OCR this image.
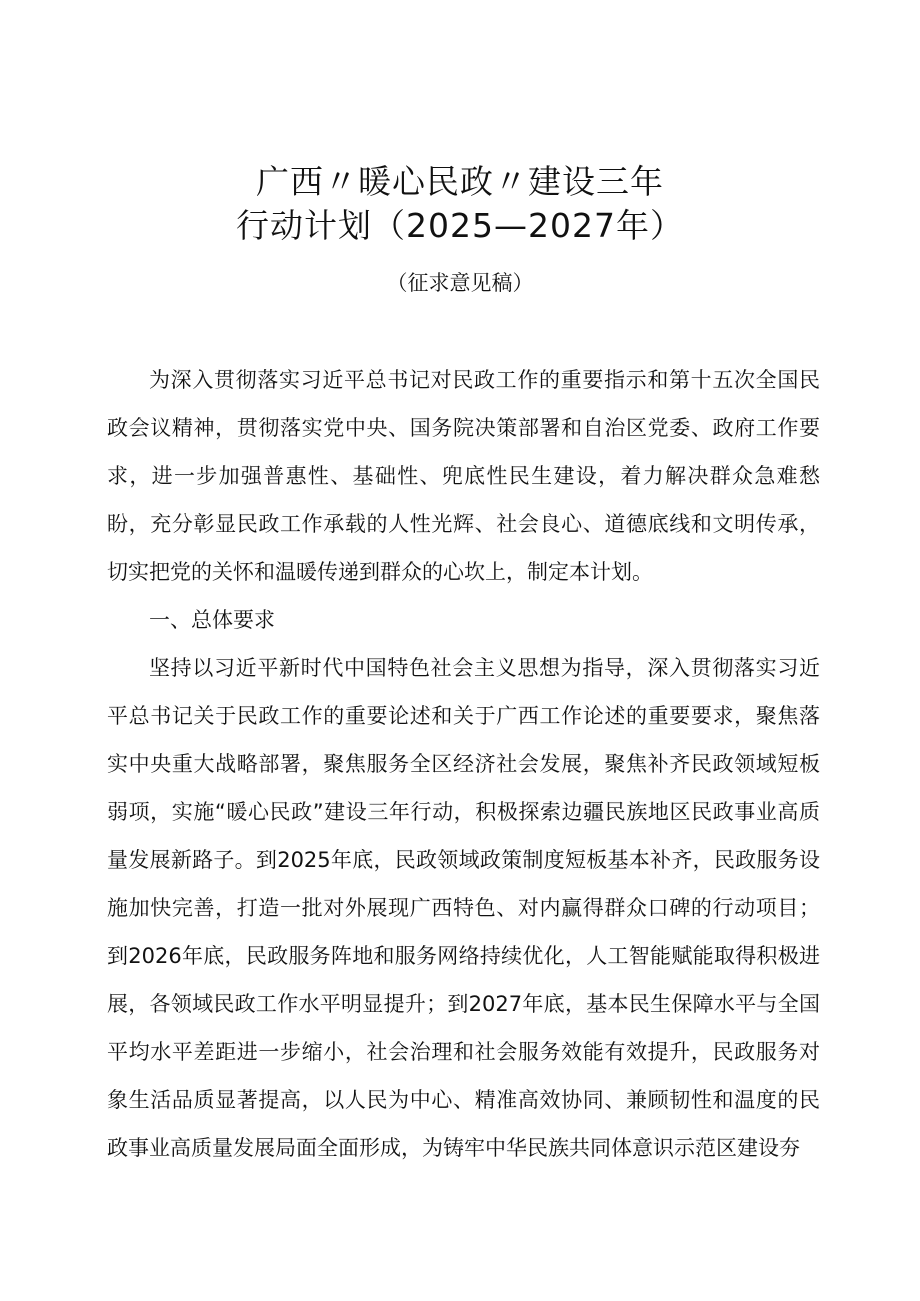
广西〃暖心民政〃建设三年
行动计划（2025—2027年）
（征求意见稿）

为深入贯彻落实习近平总书记对民政工作的重要指示和第十五次全国民政会议精神，贯彻落实党中央、国务院决策部署和自治区党委、政府工作要求，进一步加强普惠性、基础性、兜底性民生建设，着力解决群众急难愁盼，充分彰显民政工作承载的人性光辉、社会良心、道德底线和文明传承，切实把党的关怀和温暖传递到群众的心坎上，制定本计划。

一、总体要求

坚持以习近平新时代中国特色社会主义思想为指导，深入贯彻落实习近平总书记关于民政工作的重要论述和关于广西工作论述的重要要求，聚焦落实中央重大战略部署，聚焦服务全区经济社会发展，聚焦补齐民政领域短板弱项，实施“暖心民政”建设三年行动，积极探索边疆民族地区民政事业高质量发展新路子。到2025年底，民政领域政策制度短板基本补齐，民政服务设施加快完善，打造一批对外展现广西特色、对内赢得群众口碑的行动项目；到2026年底，民政服务阵地和服务网络持续优化，人工智能赋能取得积极进展，各领域民政工作水平明显提升；到2027年底，基本民生保障水平与全国平均水平差距进一步缩小，社会治理和社会服务效能有效提升，民政服务对象生活品质显著提高，以人民为中心、精准高效协同、兼顾韧性和温度的民政事业高质量发展局面全面形成，为铸牢中华民族共同体意识示范区建设夯
